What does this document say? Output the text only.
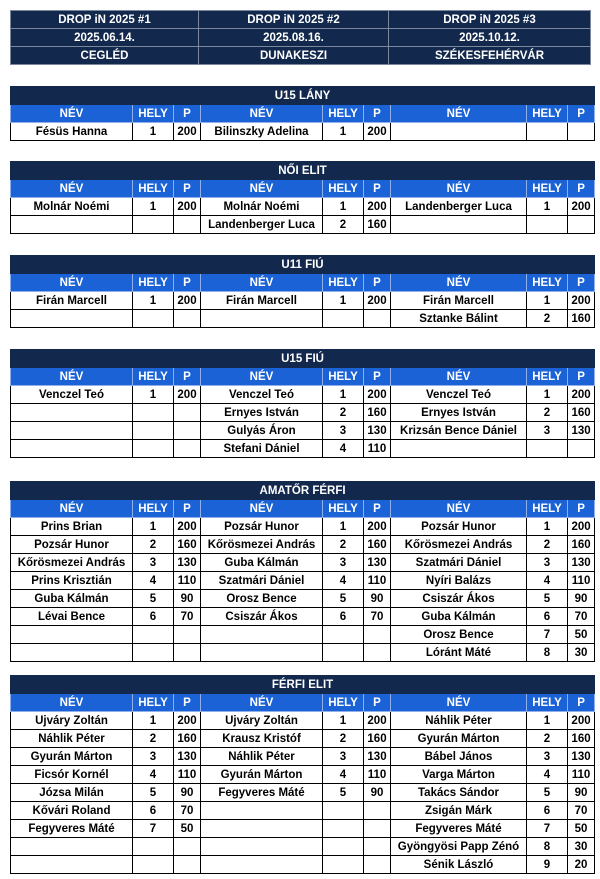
DROP iN 2025 #1	DROP iN 2025 #2	DROP iN 2025 #3
2025.06.14.	2025.08.16.	2025.10.12.
CEGLÉD	DUNAKESZI	SZÉKESFEHÉRVÁR
U15 LÁNY								
NÉV	HELY	P	NÉV	HELY	P	NÉV	HELY	P
Fésüs Hanna	1	200	Bilinszky Adelina	1	200			
NŐI ELIT								
NÉV	HELY	P	NÉV	HELY	P	NÉV	HELY	P
Molnár Noémi	1	200	Molnár Noémi	1	200	Landenberger Luca	1	200
			Landenberger Luca	2	160			
U11 FIÚ								
NÉV	HELY	P	NÉV	HELY	P	NÉV	HELY	P
Firán Marcell	1	200	Firán Marcell	1	200	Firán Marcell	1	200
						Sztanke Bálint	2	160
U15 FIÚ								
NÉV	HELY	P	NÉV	HELY	P	NÉV	HELY	P
Venczel Teó	1	200	Venczel Teó	1	200	Venczel Teó	1	200
			Ernyes István	2	160	Ernyes István	2	160
			Gulyás Áron	3	130	Krizsán Bence Dániel	3	130
			Stefani Dániel	4	110			
AMATŐR FÉRFI								
NÉV	HELY	P	NÉV	HELY	P	NÉV	HELY	P
Prins Brian	1	200	Pozsár Hunor	1	200	Pozsár Hunor	1	200
Pozsár Hunor	2	160	Kőrösmezei András	2	160	Kőrösmezei András	2	160
Kőrösmezei András	3	130	Guba Kálmán	3	130	Szatmári Dániel	3	130
Prins Krisztián	4	110	Szatmári Dániel	4	110	Nyíri Balázs	4	110
Guba Kálmán	5	90	Orosz Bence	5	90	Csiszár Ákos	5	90
Lévai Bence	6	70	Csiszár Ákos	6	70	Guba Kálmán	6	70
						Orosz Bence	7	50
						Lóránt Máté	8	30
FÉRFI ELIT								
NÉV	HELY	P	NÉV	HELY	P	NÉV	HELY	P
Ujváry Zoltán	1	200	Ujváry Zoltán	1	200	Náhlik Péter	1	200
Náhlik Péter	2	160	Krausz Kristóf	2	160	Gyurán Márton	2	160
Gyurán Márton	3	130	Náhlik Péter	3	130	Bábel János	3	130
Ficsór Kornél	4	110	Gyurán Márton	4	110	Varga Márton	4	110
Józsa Milán	5	90	Fegyveres Máté	5	90	Takács Sándor	5	90
Kővári Roland	6	70				Zsigán Márk	6	70
Fegyveres Máté	7	50				Fegyveres Máté	7	50
						Gyöngyösi Papp Zénó	8	30
						Sénik László	9	20
